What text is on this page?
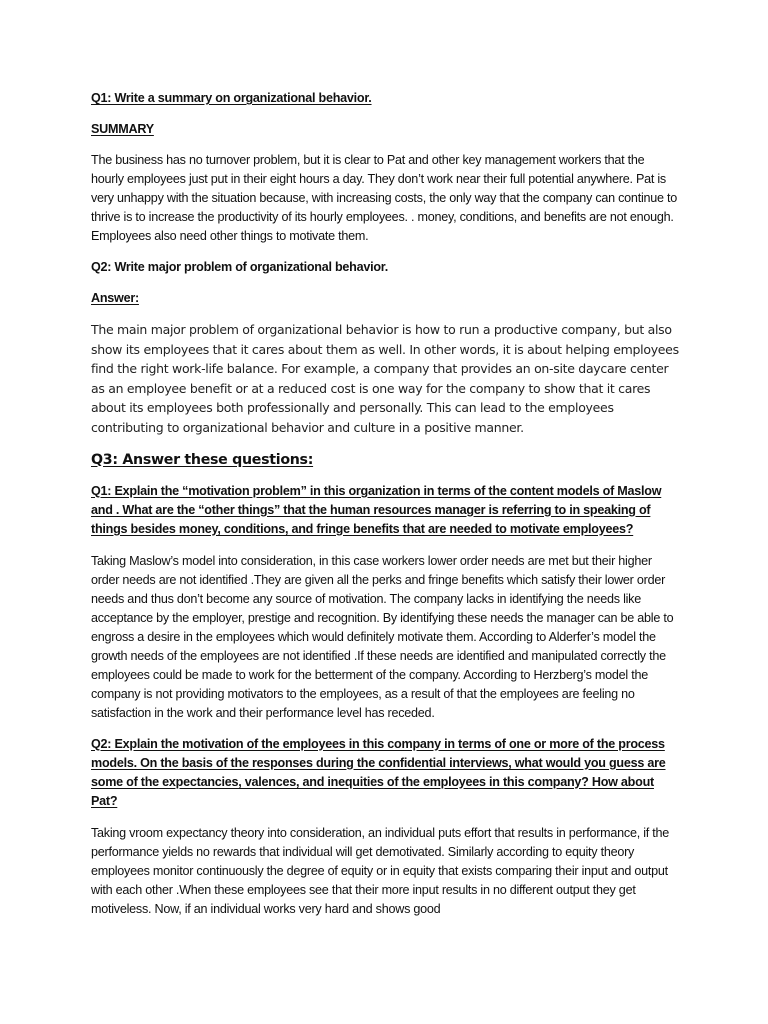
Q1: Write a summary on organizational behavior.

SUMMARY

The business has no turnover problem, but it is clear to Pat and other key management workers that the hourly employees just put in their eight hours a day. They don’t work near their full potential anywhere. Pat is very unhappy with the situation because, with increasing costs, the only way that the company can continue to thrive is to increase the productivity of its hourly employees. . money, conditions, and benefits are not enough. Employees also need other things to motivate them.

Q2: Write major problem of organizational behavior.

Answer:

The main major problem of organizational behavior is how to run a productive company, but also show its employees that it cares about them as well. In other words, it is about helping employees find the right work-life balance. For example, a company that provides an on-site daycare center as an employee benefit or at a reduced cost is one way for the company to show that it cares about its employees both professionally and personally. This can lead to the employees contributing to organizational behavior and culture in a positive manner.

Q3: Answer these questions:

Q1: Explain the “motivation problem” in this organization in terms of the content models of Maslow and . What are the “other things” that the human resources manager is referring to in speaking of things besides money, conditions, and fringe benefits that are needed to motivate employees?

Taking Maslow’s model into consideration, in this case workers lower order needs are met but their higher order needs are not identified .They are given all the perks and fringe benefits which satisfy their lower order needs and thus don’t become any source of motivation. The company lacks in identifying the needs like acceptance by the employer, prestige and recognition. By identifying these needs the manager can be able to engross a desire in the employees which would definitely motivate them. According to Alderfer’s model the growth needs of the employees are not identified .If these needs are identified and manipulated correctly the employees could be made to work for the betterment of the company. According to Herzberg’s model the company is not providing motivators to the employees, as a result of that the employees are feeling no satisfaction in the work and their performance level has receded.

Q2: Explain the motivation of the employees in this company in terms of one or more of the process models. On the basis of the responses during the confidential interviews, what would you guess are some of the expectancies, valences, and inequities of the employees in this company? How about Pat?

Taking vroom expectancy theory into consideration, an individual puts effort that results in performance, if the performance yields no rewards that individual will get demotivated. Similarly according to equity theory employees monitor continuously the degree of equity or in equity that exists comparing their input and output with each other .When these employees see that their more input results in no different output they get motiveless. Now, if an individual works very hard and shows good
